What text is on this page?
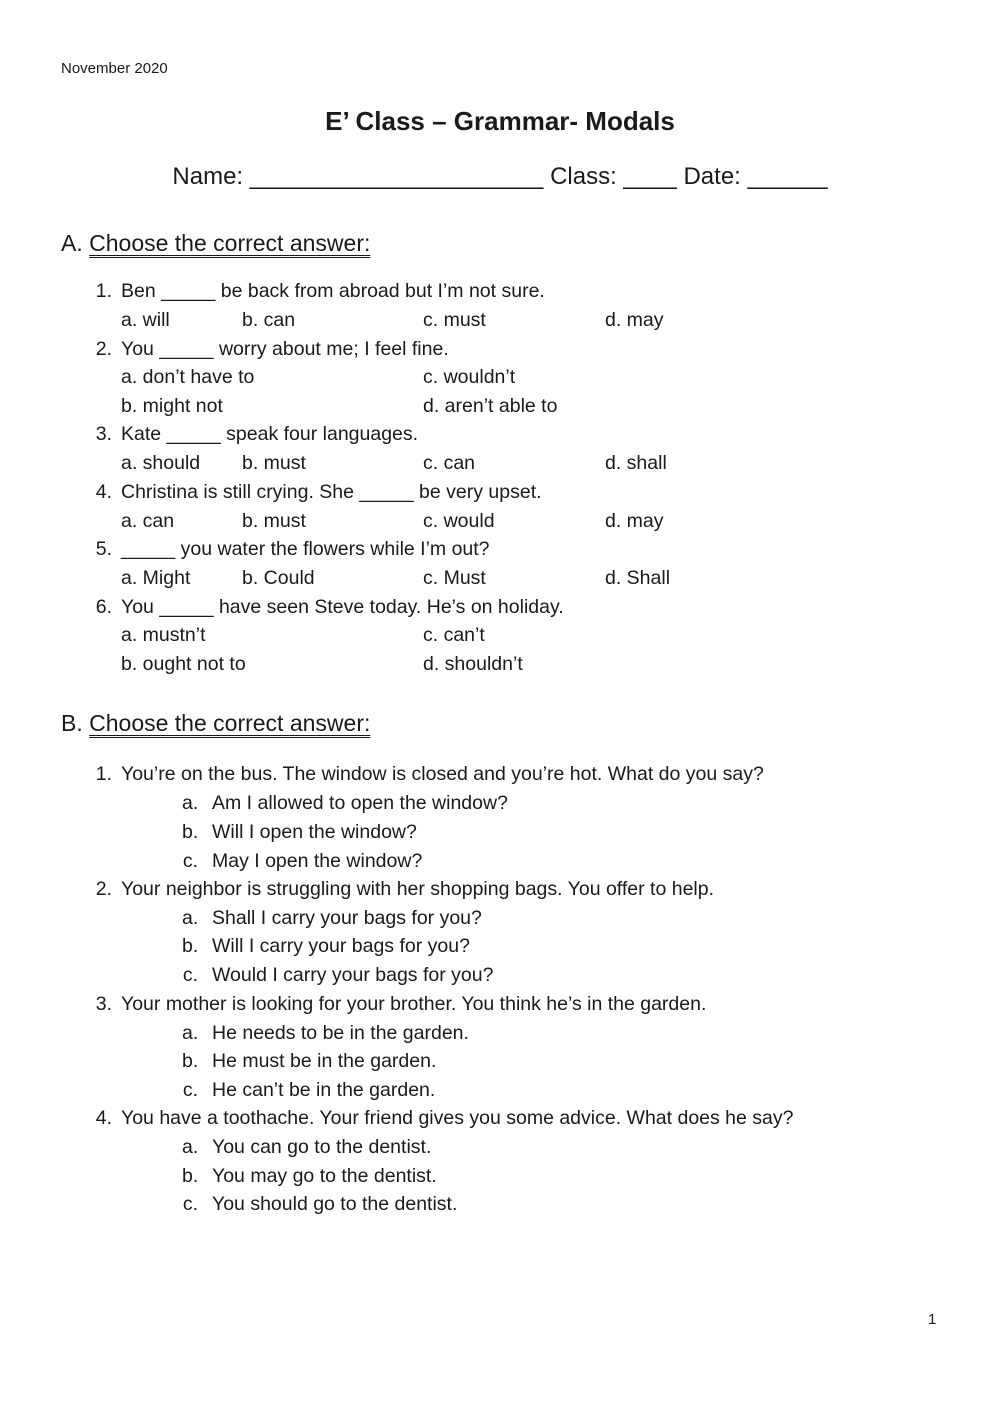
November 2020
E’ Class – Grammar- Modals
Name: ______________________ Class: ____ Date: ______
A. Choose the correct answer:
1. Ben _____ be back from abroad but I’m not sure.
a. will	b. can	c. must	d. may
2. You _____ worry about me; I feel fine.
a. don’t have to	c. wouldn’t
b. might not	d. aren’t able to
3. Kate _____ speak four languages.
a. should b. must	c. can	d. shall
4. Christina is still crying. She _____ be very upset.
a. can	b. must	c. would	d. may
5. _____ you water the flowers while I’m out?
a. Might	b. Could	c. Must	d. Shall
6. You _____ have seen Steve today. He’s on holiday.
a. mustn’t	c. can’t
b. ought not to	d. shouldn’t
B. Choose the correct answer:
1. You’re on the bus. The window is closed and you’re hot. What do you say?
a. Am I allowed to open the window?
b. Will I open the window?
c. May I open the window?
2. Your neighbor is struggling with her shopping bags. You offer to help.
a. Shall I carry your bags for you?
b. Will I carry your bags for you?
c. Would I carry your bags for you?
3. Your mother is looking for your brother. You think he’s in the garden.
a. He needs to be in the garden.
b. He must be in the garden.
c. He can’t be in the garden.
4. You have a toothache. Your friend gives you some advice. What does he say?
a. You can go to the dentist.
b. You may go to the dentist.
c. You should go to the dentist.
1
